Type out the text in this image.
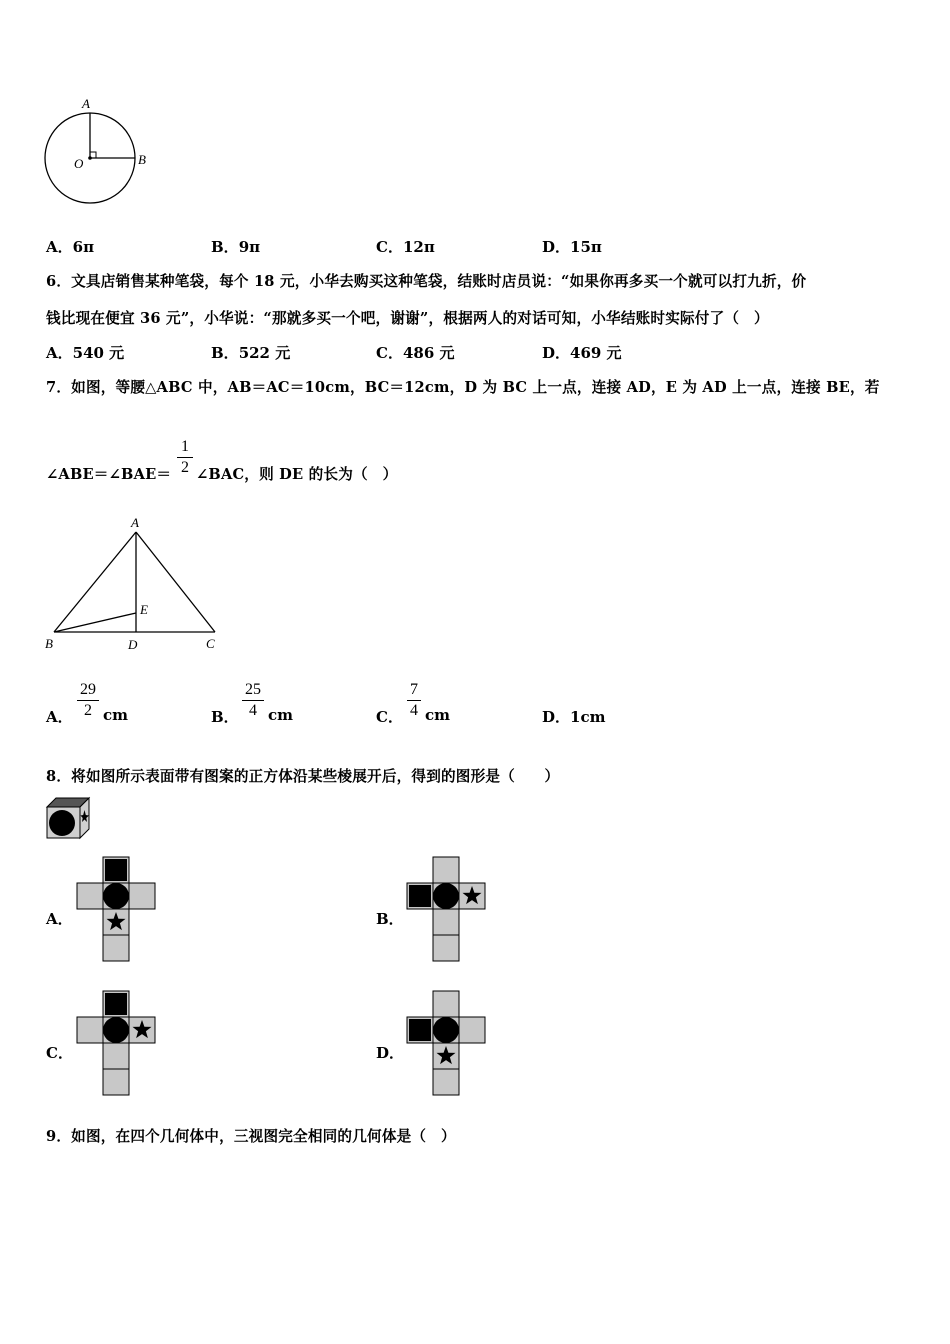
A
O	B
A．6π	B．9π	C．12π	D．15π
6．文具店销售某种笔袋，每个 18 元，小华去购买这种笔袋，结账时店员说：“如果你再多买一个就可以打九折，价
钱比现在便宜 36 元”，小华说：“那就多买一个吧，谢谢”，根据两人的对话可知，小华结账时实际付了（　）
A．540 元	B．522 元	C．486 元	D．469 元
7．如图，等腰△ABC 中，AB＝AC＝10cm，BC＝12cm，D 为 BC 上一点，连接 AD，E 为 AD 上一点，连接 BE，若
∠ABE＝∠BAE＝ $\frac{1}{2}$ ∠BAC，则 DE 的长为（　）
A
B	C
D
E
A． $\frac{29}{2}$ cm	B． $\frac{25}{4}$ cm	C． $\frac{7}{4}$ cm	D．1cm
8．将如图所示表面带有图案的正方体沿某些棱展开后，得到的图形是（　　）
A．	B．
C．	D．
9．如图，在四个几何体中，三视图完全相同的几何体是（　）
